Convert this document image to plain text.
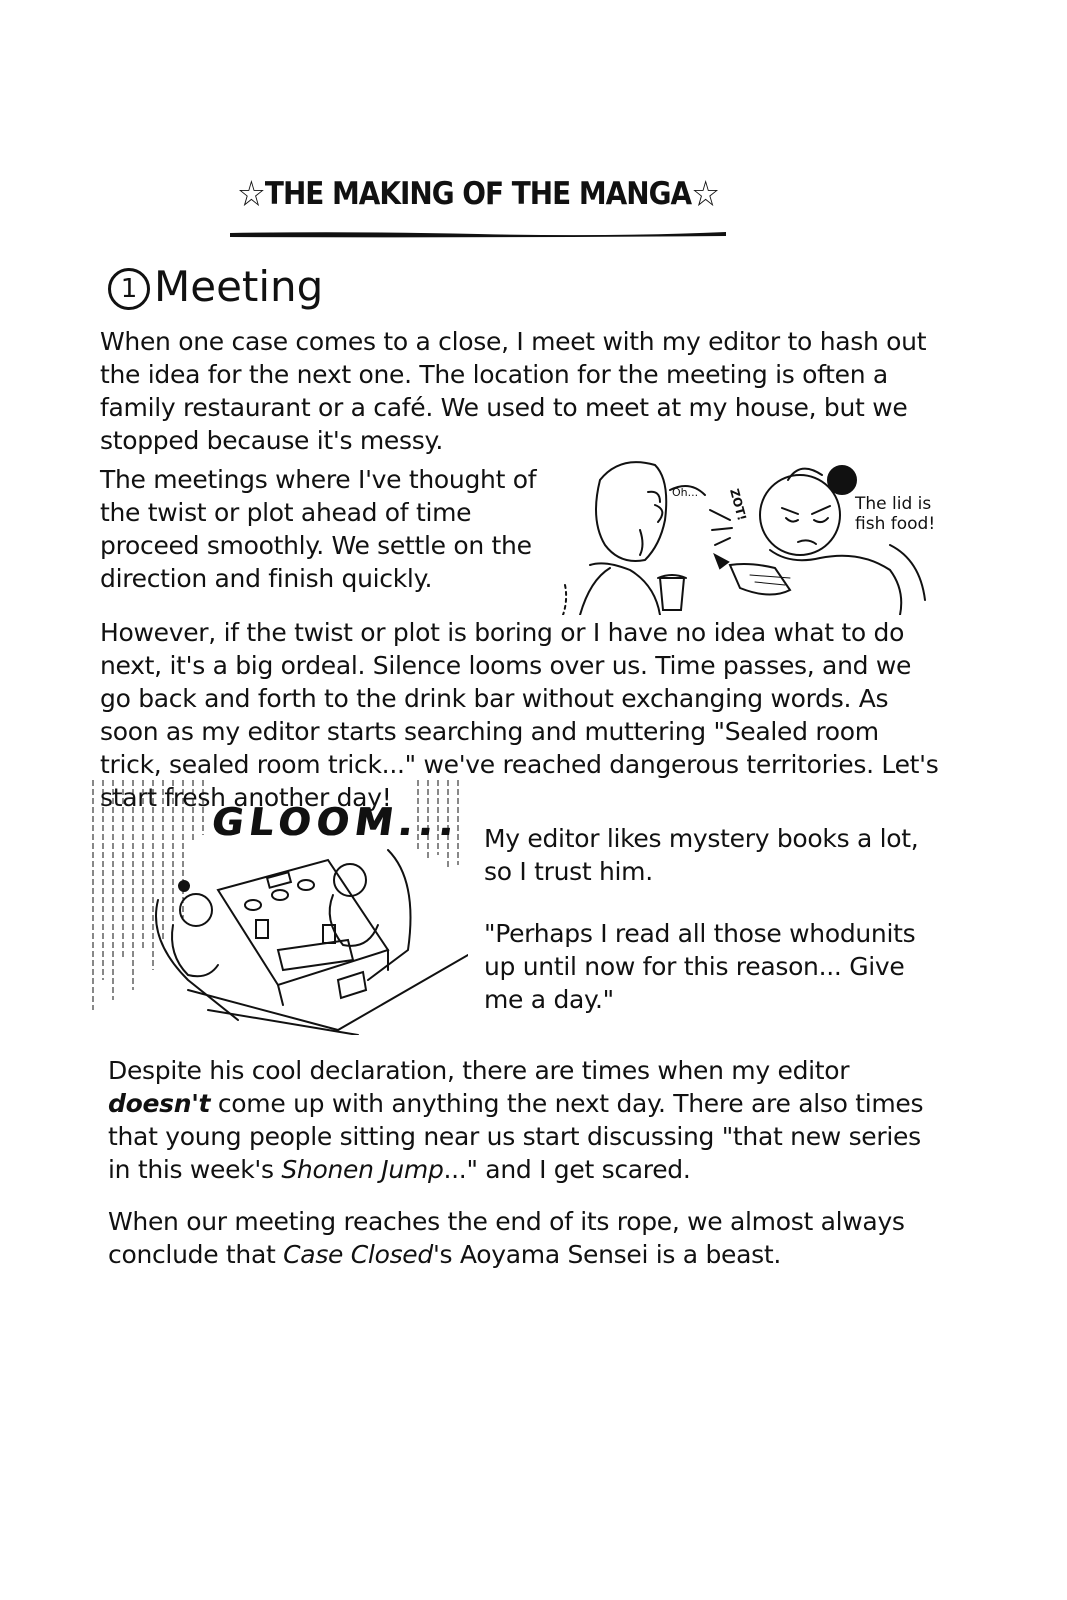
☆THE MAKING OF THE MANGA☆
1 Meeting

When one case comes to a close, I meet with my editor to hash out the idea for the next one. The location for the meeting is often a family restaurant or a café. We used to meet at my house, but we stopped because it's messy.

The meetings where I've thought of the twist or plot ahead of time proceed smoothly. We settle on the direction and finish quickly.

ZOT!
Oh...
The lid is
fish food!

However, if the twist or plot is boring or I have no idea what to do next, it's a big ordeal. Silence looms over us. Time passes, and we go back and forth to the drink bar without exchanging words. As soon as my editor starts searching and muttering "Sealed room trick, sealed room trick..." we've reached dangerous territories. Let's start fresh another day!

GLOOM... My editor likes mystery books a lot, so I trust him.

"Perhaps I read all those whodunits up until now for this reason... Give me a day."

Despite his cool declaration, there are times when my editor doesn't come up with anything the next day. There are also times that young people sitting near us start discussing "that new series in this week's Shonen Jump..." and I get scared.

When our meeting reaches the end of its rope, we almost always conclude that Case Closed's Aoyama Sensei is a beast.
